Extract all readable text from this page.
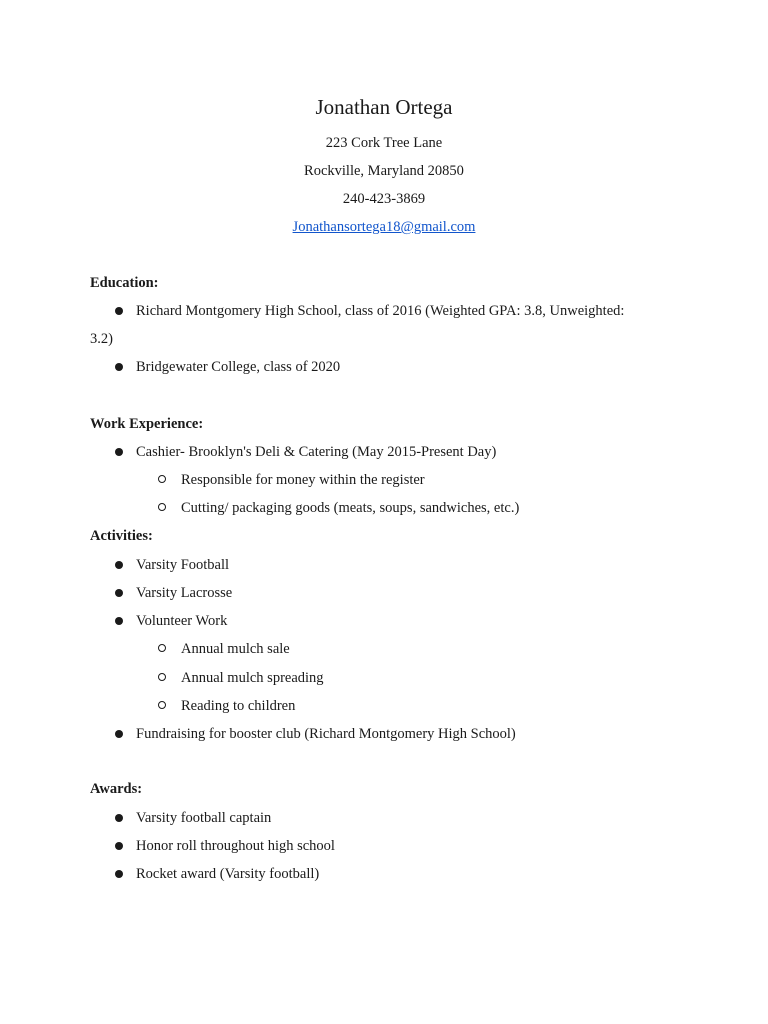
Jonathan Ortega
223 Cork Tree Lane
Rockville, Maryland 20850
240-423-3869
Jonathansortega18@gmail.com
Education:
Richard Montgomery High School, class of 2016 (Weighted GPA: 3.8, Unweighted:
3.2)
Bridgewater College, class of 2020
Work Experience:
Cashier- Brooklyn's Deli & Catering (May 2015-Present Day)
Responsible for money within the register
Cutting/ packaging goods (meats, soups, sandwiches, etc.)
Activities:
Varsity Football
Varsity Lacrosse
Volunteer Work
Annual mulch sale
Annual mulch spreading
Reading to children
Fundraising for booster club (Richard Montgomery High School)
Awards:
Varsity football captain
Honor roll throughout high school
Rocket award (Varsity football)
